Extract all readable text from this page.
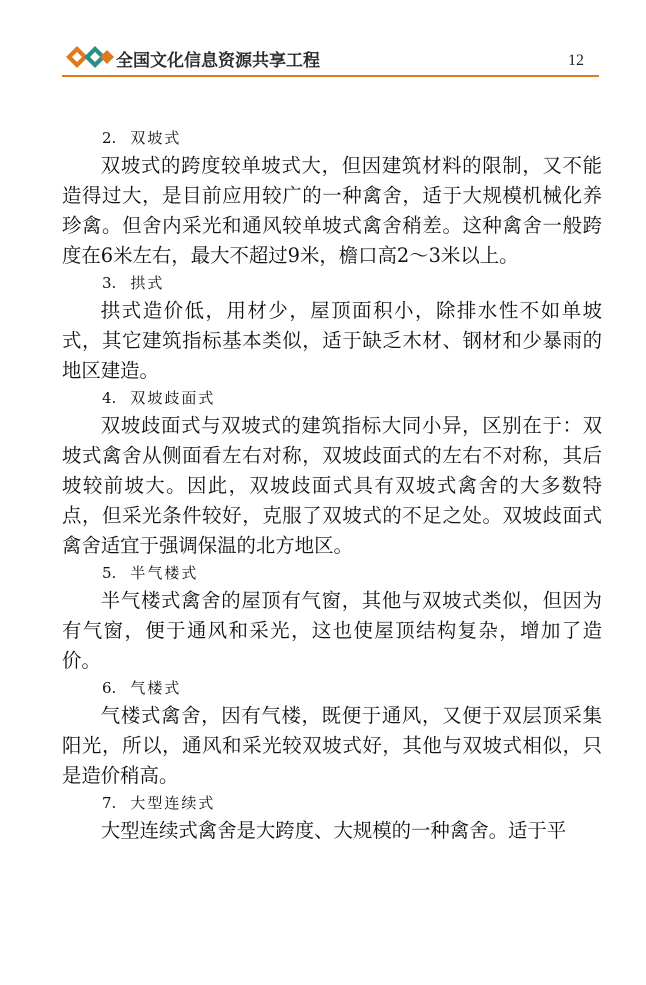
全国文化信息资源共享工程	12
2. 双坡式

双坡式的跨度较单坡式大，但因建筑材料的限制，又不能造得过大，是目前应用较广的一种禽舍，适于大规模机械化养珍禽。但舍内采光和通风较单坡式禽舍稍差。这种禽舍一般跨度在6米左右，最大不超过9米，檐口高2～3米以上。

3. 拱式

拱式造价低，用材少，屋顶面积小，除排水性不如单坡式，其它建筑指标基本类似，适于缺乏木材、钢材和少暴雨的地区建造。

4. 双坡歧面式

双坡歧面式与双坡式的建筑指标大同小异，区别在于：双坡式禽舍从侧面看左右对称，双坡歧面式的左右不对称，其后坡较前坡大。因此，双坡歧面式具有双坡式禽舍的大多数特点，但采光条件较好，克服了双坡式的不足之处。双坡歧面式禽舍适宜于强调保温的北方地区。

5. 半气楼式

半气楼式禽舍的屋顶有气窗，其他与双坡式类似，但因为有气窗，便于通风和采光，这也使屋顶结构复杂，增加了造价。

6. 气楼式

气楼式禽舍，因有气楼，既便于通风，又便于双层顶采集阳光，所以，通风和采光较双坡式好，其他与双坡式相似，只是造价稍高。

7. 大型连续式

大型连续式禽舍是大跨度、大规模的一种禽舍。适于平
